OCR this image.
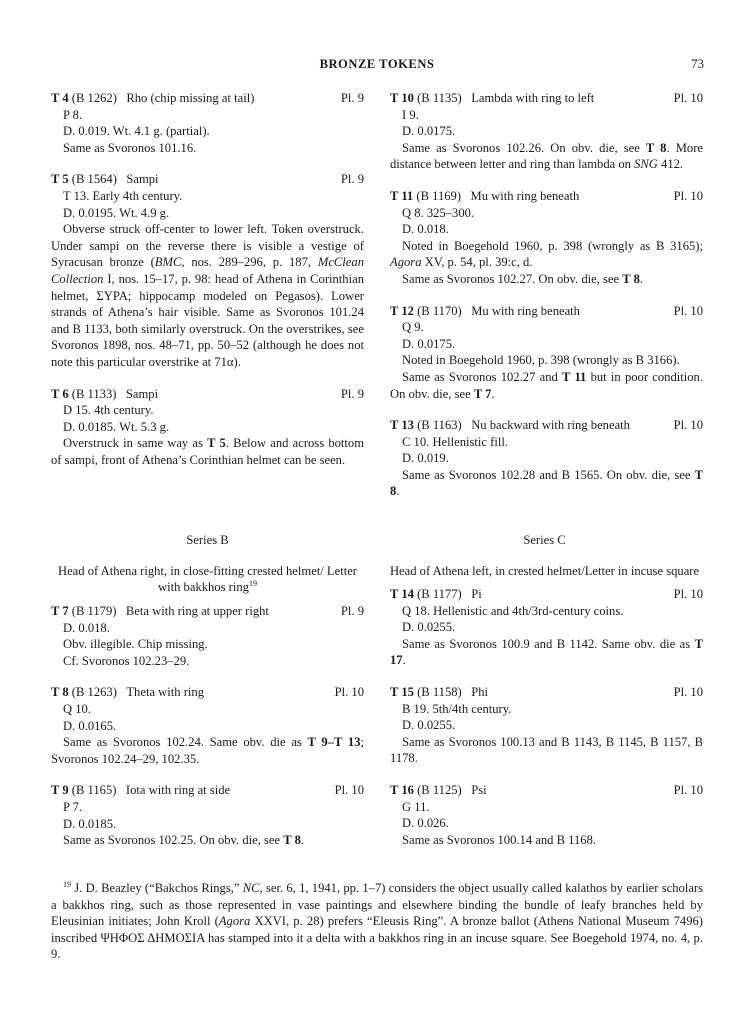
BRONZE TOKENS	73
T 4 (B 1262) Rho (chip missing at tail)	Pl. 9
P 8.
D. 0.019. Wt. 4.1 g. (partial).
Same as Svoronos 101.16.
T 5 (B 1564) Sampi	Pl. 9
T 13. Early 4th century.
D. 0.0195. Wt. 4.9 g.
Obverse struck off-center to lower left. Token overstruck. Under sampi on the reverse there is visible a vestige of Syracusan bronze (BMC, nos. 289–296, p. 187, McClean Collection I, nos. 15–17, p. 98: head of Athena in Corinthian helmet, ΣΥΡΑ; hippocamp modeled on Pegasos). Lower strands of Athena’s hair visible. Same as Svoronos 101.24 and B 1133, both similarly overstruck. On the overstrikes, see Svoronos 1898, nos. 48–71, pp. 50–52 (although he does not note this particular overstrike at 71α).
T 6 (B 1133) Sampi	Pl. 9
D 15. 4th century.
D. 0.0185. Wt. 5.3 g.
Overstruck in same way as T 5. Below and across bottom of sampi, front of Athena’s Corinthian helmet can be seen.
T 10 (B 1135) Lambda with ring to left	Pl. 10
I 9.
D. 0.0175.
Same as Svoronos 102.26. On obv. die, see T 8. More distance between letter and ring than lambda on SNG 412.
T 11 (B 1169) Mu with ring beneath	Pl. 10
Q 8. 325–300.
D. 0.018.
Noted in Boegehold 1960, p. 398 (wrongly as B 3165); Agora XV, p. 54, pl. 39:c, d.
Same as Svoronos 102.27. On obv. die, see T 8.
T 12 (B 1170) Mu with ring beneath	Pl. 10
Q 9.
D. 0.0175.
Noted in Boegehold 1960, p. 398 (wrongly as B 3166).
Same as Svoronos 102.27 and T 11 but in poor condition. On obv. die, see T 7.
T 13 (B 1163) Nu backward with ring beneath	Pl. 10
C 10. Hellenistic fill.
D. 0.019.
Same as Svoronos 102.28 and B 1565. On obv. die, see T 8.
Series B
Head of Athena right, in close-fitting crested helmet/ Letter with bakkhos ring$^{19}$
Series C
Head of Athena left, in crested helmet/Letter in incuse square
T 7 (B 1179) Beta with ring at upper right	Pl. 9
D. 0.018.
Obv. illegible. Chip missing.
Cf. Svoronos 102.23–29.
T 8 (B 1263) Theta with ring	Pl. 10
Q 10.
D. 0.0165.
Same as Svoronos 102.24. Same obv. die as T 9–T 13; Svoronos 102.24–29, 102.35.
T 9 (B 1165) Iota with ring at side	Pl. 10
P 7.
D. 0.0185.
Same as Svoronos 102.25. On obv. die, see T 8.
T 14 (B 1177) Pi	Pl. 10
Q 18. Hellenistic and 4th/3rd-century coins.
D. 0.0255.
Same as Svoronos 100.9 and B 1142. Same obv. die as T 17.
T 15 (B 1158) Phi	Pl. 10
B 19. 5th/4th century.
D. 0.0255.
Same as Svoronos 100.13 and B 1143, B 1145, B 1157, B 1178.
T 16 (B 1125) Psi	Pl. 10
G 11.
D. 0.026.
Same as Svoronos 100.14 and B 1168.
$^{19}$ J. D. Beazley (“Bakchos Rings,” NC, ser. 6, 1, 1941, pp. 1–7) considers the object usually called kalathos by earlier scholars a bakkhos ring, such as those represented in vase paintings and elsewhere binding the bundle of leafy branches held by Eleusinian initiates; John Kroll (Agora XXVI, p. 28) prefers “Eleusis Ring”. A bronze ballot (Athens National Museum 7496) inscribed ΨΗΦΟΣ ΔΗΜΟΣΙΑ has stamped into it a delta with a bakkhos ring in an incuse square. See Boegehold 1974, no. 4, p. 9.
